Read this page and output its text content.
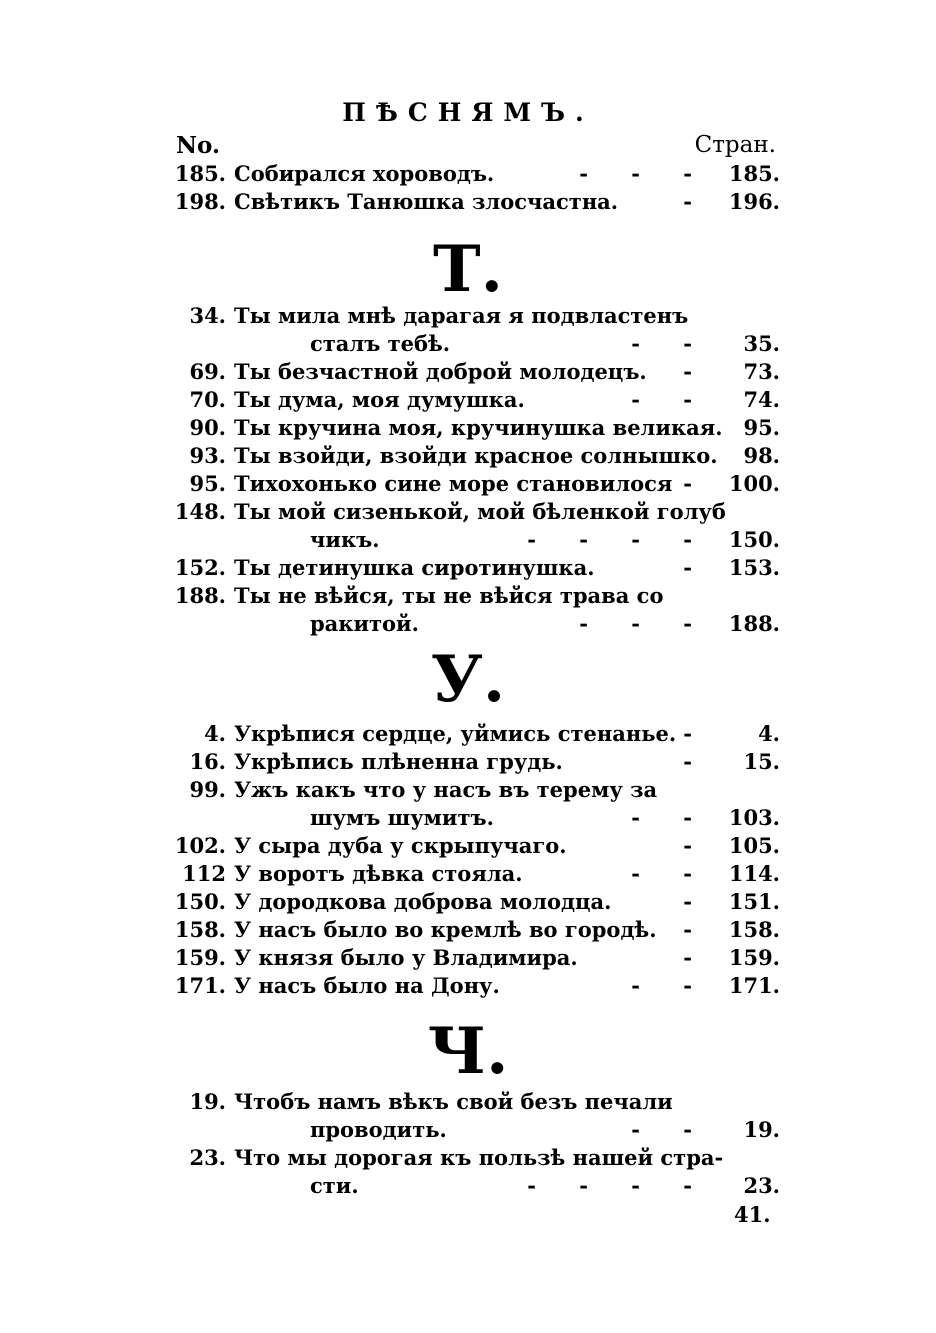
ПѢСНЯМЪ.
No.	Стран.
185. Собирался хороводъ.	- - - 185.
198. Свѣтикъ Танюшка злосчастна.	- 196.
Т.
34. Ты мила мнѣ дарагая я подвластенъ
сталъ тебѣ.	- - 35.
69. Ты безчастной доброй молодецъ. - 73.
70. Ты дума, моя думушка.	- - 74.
90. Ты кручина моя, кручинушка великая. 95.
93. Ты взойди, взойди красное солнышко. 98.
95. Тихохонько сине море становилося - 100.
148. Ты мой сизенькой, мой бѣленкой голуб
чикъ.	- - - - 150.
152. Ты детинушка сиротинушка.	- 153.
188. Ты не вѣйся, ты не вѣйся трава со
ракитой.	- - - 188.
У.
4. Укрѣпися сердце, уймись стенанье. - 4.
16. Укрѣпись плѣненна грудь.	- 15.
99. Ужъ какъ что у насъ въ терему за
шумъ шумитъ.	- - 103.
102. У сыра дуба у скрыпучаго.	- 105.
112 У воротъ дѣвка стояла.	- - 114.
150. У дородкова доброва молодца.	- 151.
158. У насъ было во кремлѣ во городѣ. - 158.
159. У князя было у Владимира.	- 159.
171. У насъ было на Дону.	- - 171.
Ч.
19. Чтобъ намъ вѣкъ свой безъ печали
проводить.	- - 19.
23. Что мы дорогая къ пользѣ нашей стра-
сти.	- - - - 23.
41.
